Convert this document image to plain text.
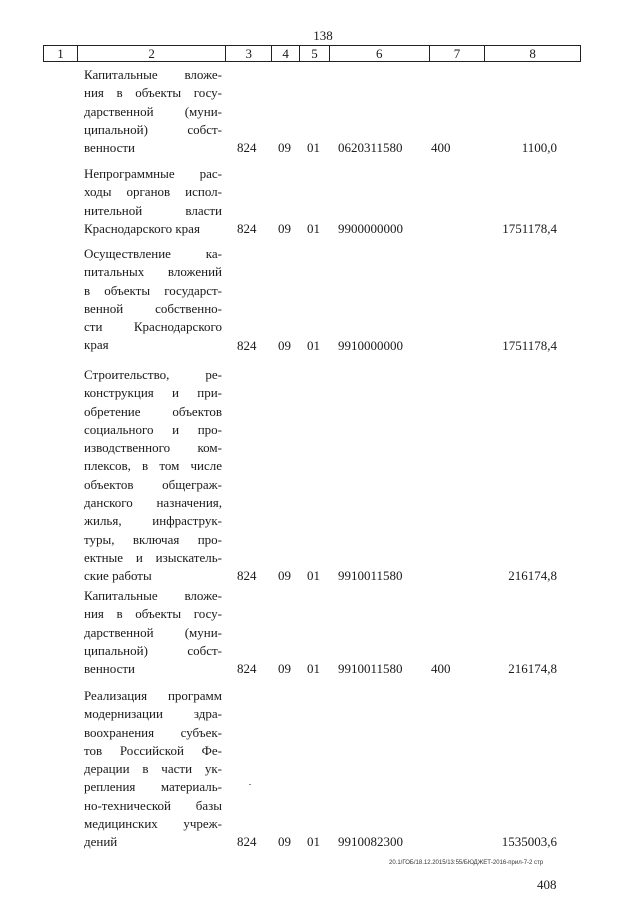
138
1	2	3	4	5	6	7	8
Капитальные вложе-
ния в объекты госу-
дарственной (муни-
ципальной) собст-
венности	824 09 01 0620311580 400	1100,0
Непрограммные рас-
ходы органов испол-
нительной власти
Краснодарского края	824 09 01 9900000000	1751178,4
Осуществление ка-
питальных вложений
в объекты государст-
венной собственно-
сти Краснодарского
края	824 09 01 9910000000	1751178,4
Строительство, ре-
конструкция и при-
обретение объектов
социального и про-
изводственного ком-
плексов, в том числе
объектов общеграж-
данского назначения,
жилья, инфраструк-
туры, включая про-
ектные и изыскатель-
ские работы	824 09 01 9910011580	216174,8
Капитальные вложе-
ния в объекты госу-
дарственной (муни-
ципальной) собст-
венности	824 09 01 9910011580 400	216174,8
Реализация программ
модернизации здра-
воохранения субъек-
тов Российской Фе-
дерации в части ук-
репления материаль-
но-технической базы
медицинских учреж-
дений	824 09 01 9910082300	1535003,6
20.1/ГОБ/18.12.2015/13:55/БЮДЖЕТ-2016-прил-7-2 стр
408
